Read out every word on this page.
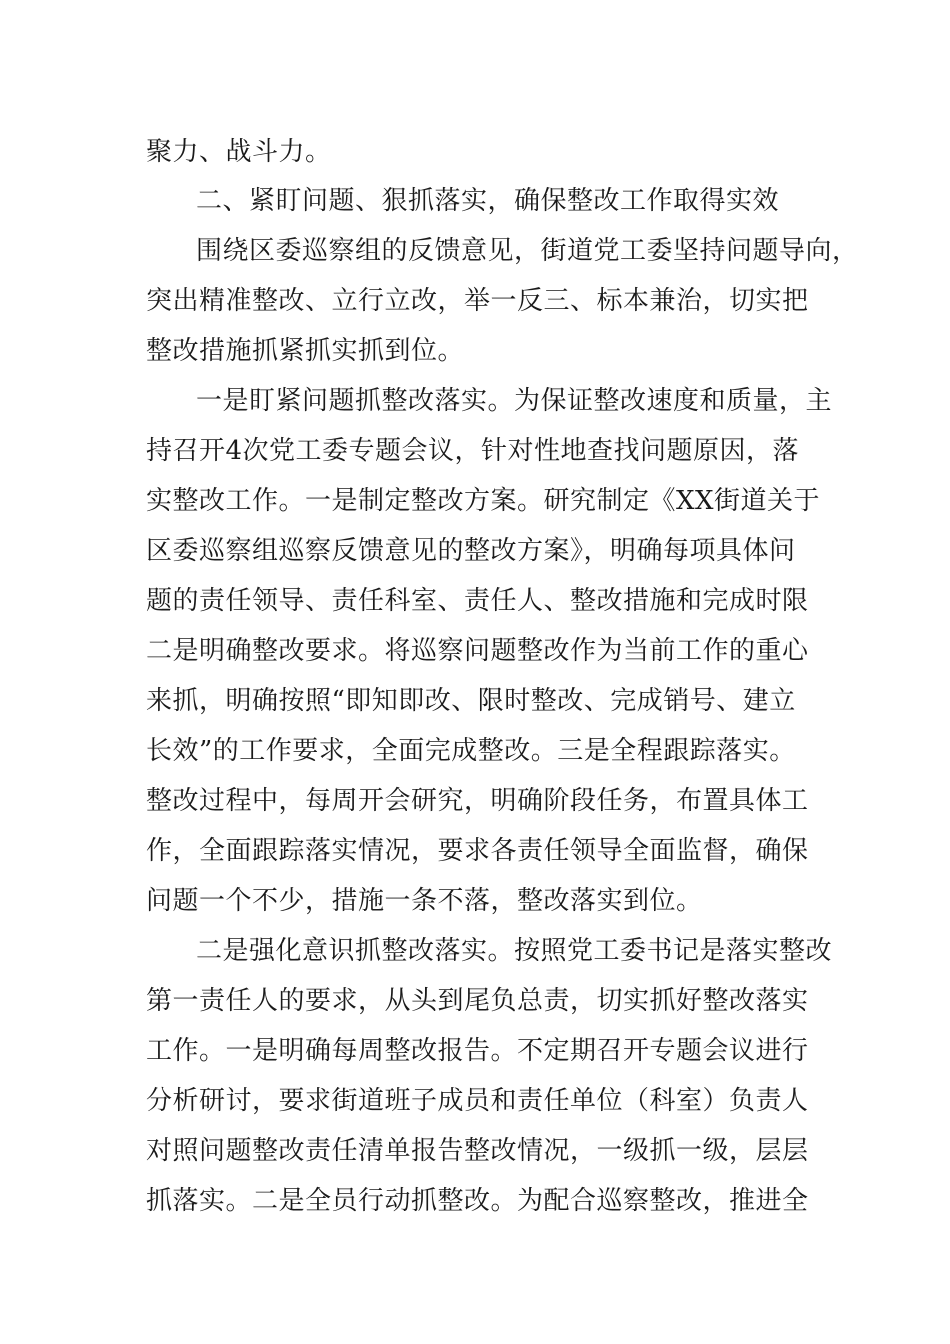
聚力、战斗力。
二、紧盯问题、狠抓落实，确保整改工作取得实效
围绕区委巡察组的反馈意见，街道党工委坚持问题导向，
突出精准整改、立行立改，举一反三、标本兼治，切实把
整改措施抓紧抓实抓到位。
一是盯紧问题抓整改落实。为保证整改速度和质量，主
持召开4次党工委专题会议，针对性地查找问题原因，落
实整改工作。一是制定整改方案。研究制定《XX街道关于
区委巡察组巡察反馈意见的整改方案》，明确每项具体问
题的责任领导、责任科室、责任人、整改措施和完成时限
二是明确整改要求。将巡察问题整改作为当前工作的重心
来抓，明确按照“即知即改、限时整改、完成销号、建立
长效”的工作要求，全面完成整改。三是全程跟踪落实。
整改过程中，每周开会研究，明确阶段任务，布置具体工
作，全面跟踪落实情况，要求各责任领导全面监督，确保
问题一个不少，措施一条不落，整改落实到位。
二是强化意识抓整改落实。按照党工委书记是落实整改
第一责任人的要求，从头到尾负总责，切实抓好整改落实
工作。一是明确每周整改报告。不定期召开专题会议进行
分析研讨，要求街道班子成员和责任单位（科室）负责人
对照问题整改责任清单报告整改情况，一级抓一级，层层
抓落实。二是全员行动抓整改。为配合巡察整改，推进全
